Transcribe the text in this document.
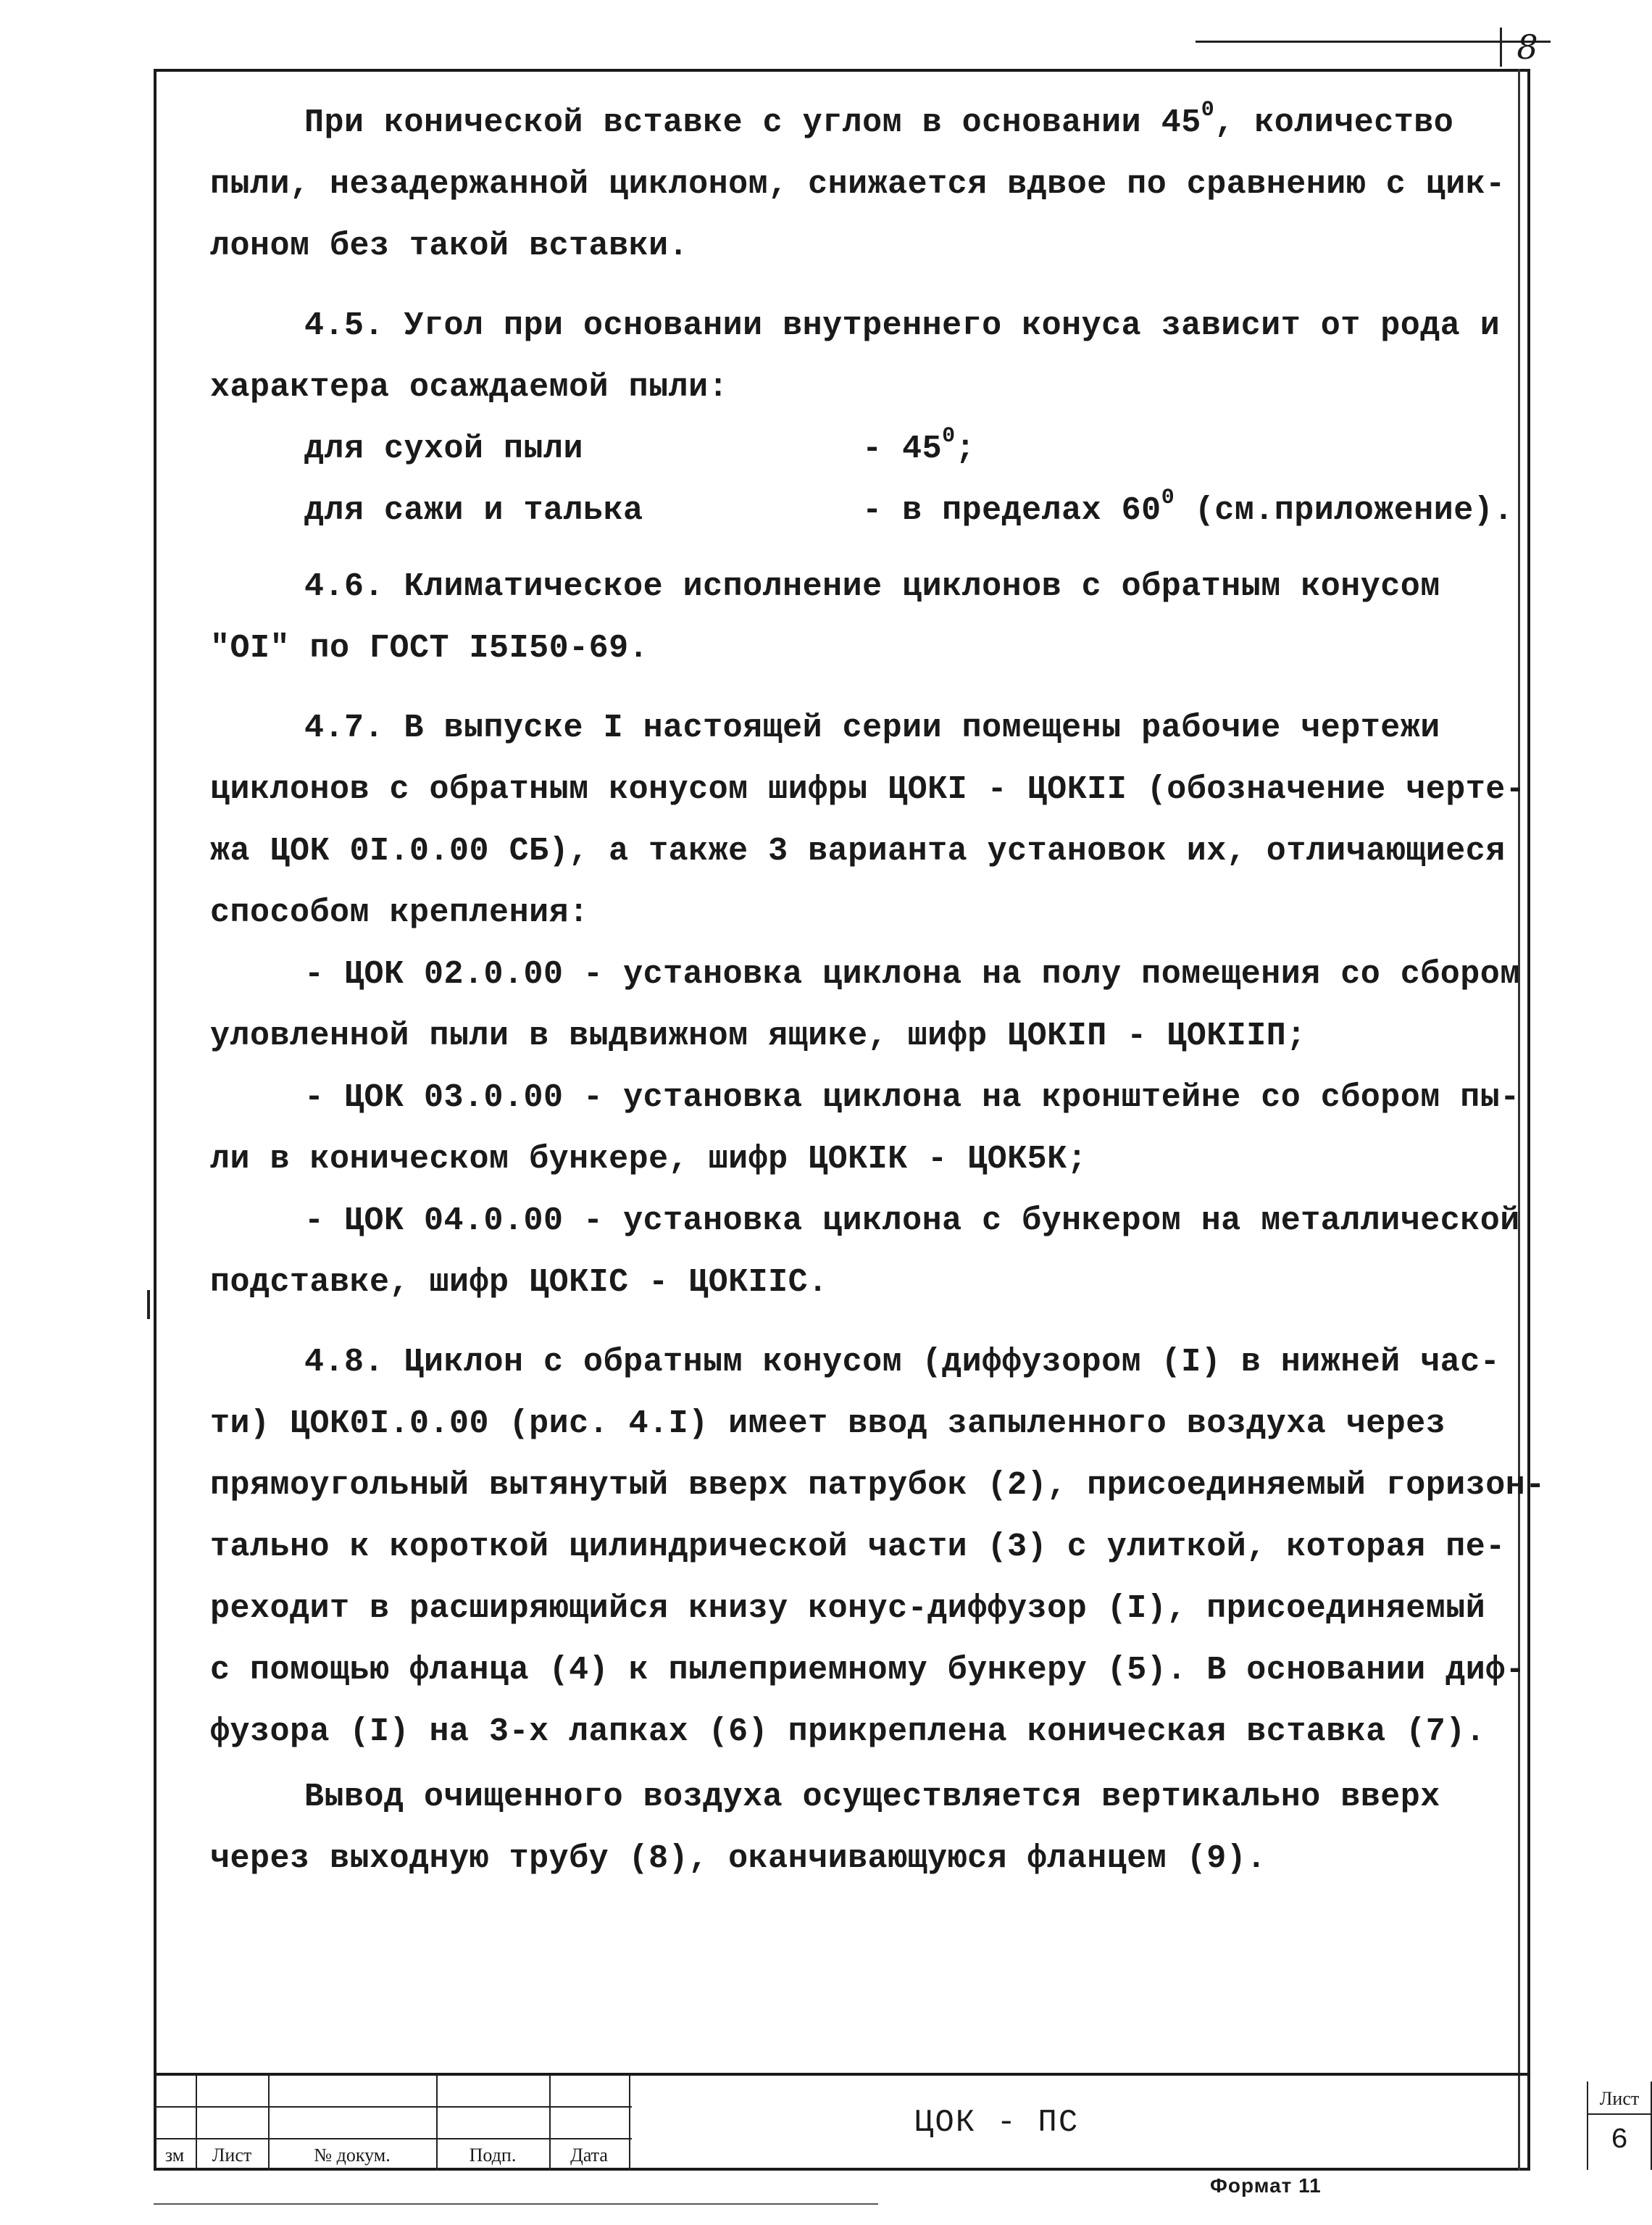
8
При конической вставке с углом в основании $45^0$, количество
пыли, незадержанной циклоном, снижается вдвое по сравнению с цик-
лоном без такой вставки.
4.5. Угол при основании внутреннего конуса зависит от рода и
характера осаждаемой пыли:
для сухой пыли              - $45^0$;
для сажи и талька           - в пределах $60^0$ (см.приложение).
4.6. Климатическое исполнение циклонов с обратным конусом
"ОI" по ГОСТ I5I50-69.
4.7. В выпуске I настоящей серии помещены рабочие чертежи
циклонов с обратным конусом шифры ЦОКI - ЦОКII (обозначение черте-
жа ЦОК 0I.0.00 СБ), а также 3 варианта установок их, отличающиеся
способом крепления:
- ЦОК 02.0.00 - установка циклона на полу помещения со сбором
уловленной пыли в выдвижном ящике, шифр ЦОКIП - ЦОКIIП;
- ЦОК 03.0.00 - установка циклона на кронштейне со сбором пы-
ли в коническом бункере, шифр ЦОКIК - ЦОК5К;
- ЦОК 04.0.00 - установка циклона с бункером на металлической
подставке, шифр ЦОКIС - ЦОКIIС.
4.8. Циклон с обратным конусом (диффузором (I) в нижней час-
ти) ЦОК0I.0.00 (рис. 4.I) имеет ввод запыленного воздуха через
прямоугольный вытянутый вверх патрубок (2), присоединяемый горизон-
тально к короткой цилиндрической части (3) с улиткой, которая пе-
реходит в расширяющийся книзу конус-диффузор (I), присоединяемый
с помощью фланца (4) к пылеприемному бункеру (5). В основании диф-
фузора (I) на 3-х лапках (6) прикреплена коническая вставка (7).
Вывод очищенного воздуха осуществляется вертикально вверх
через выходную трубу (8), оканчивающуюся фланцем (9).
зм	Лист	№ докум.	Подп.	Дата
ЦОК - ПС
Лист
6
Формат 11
